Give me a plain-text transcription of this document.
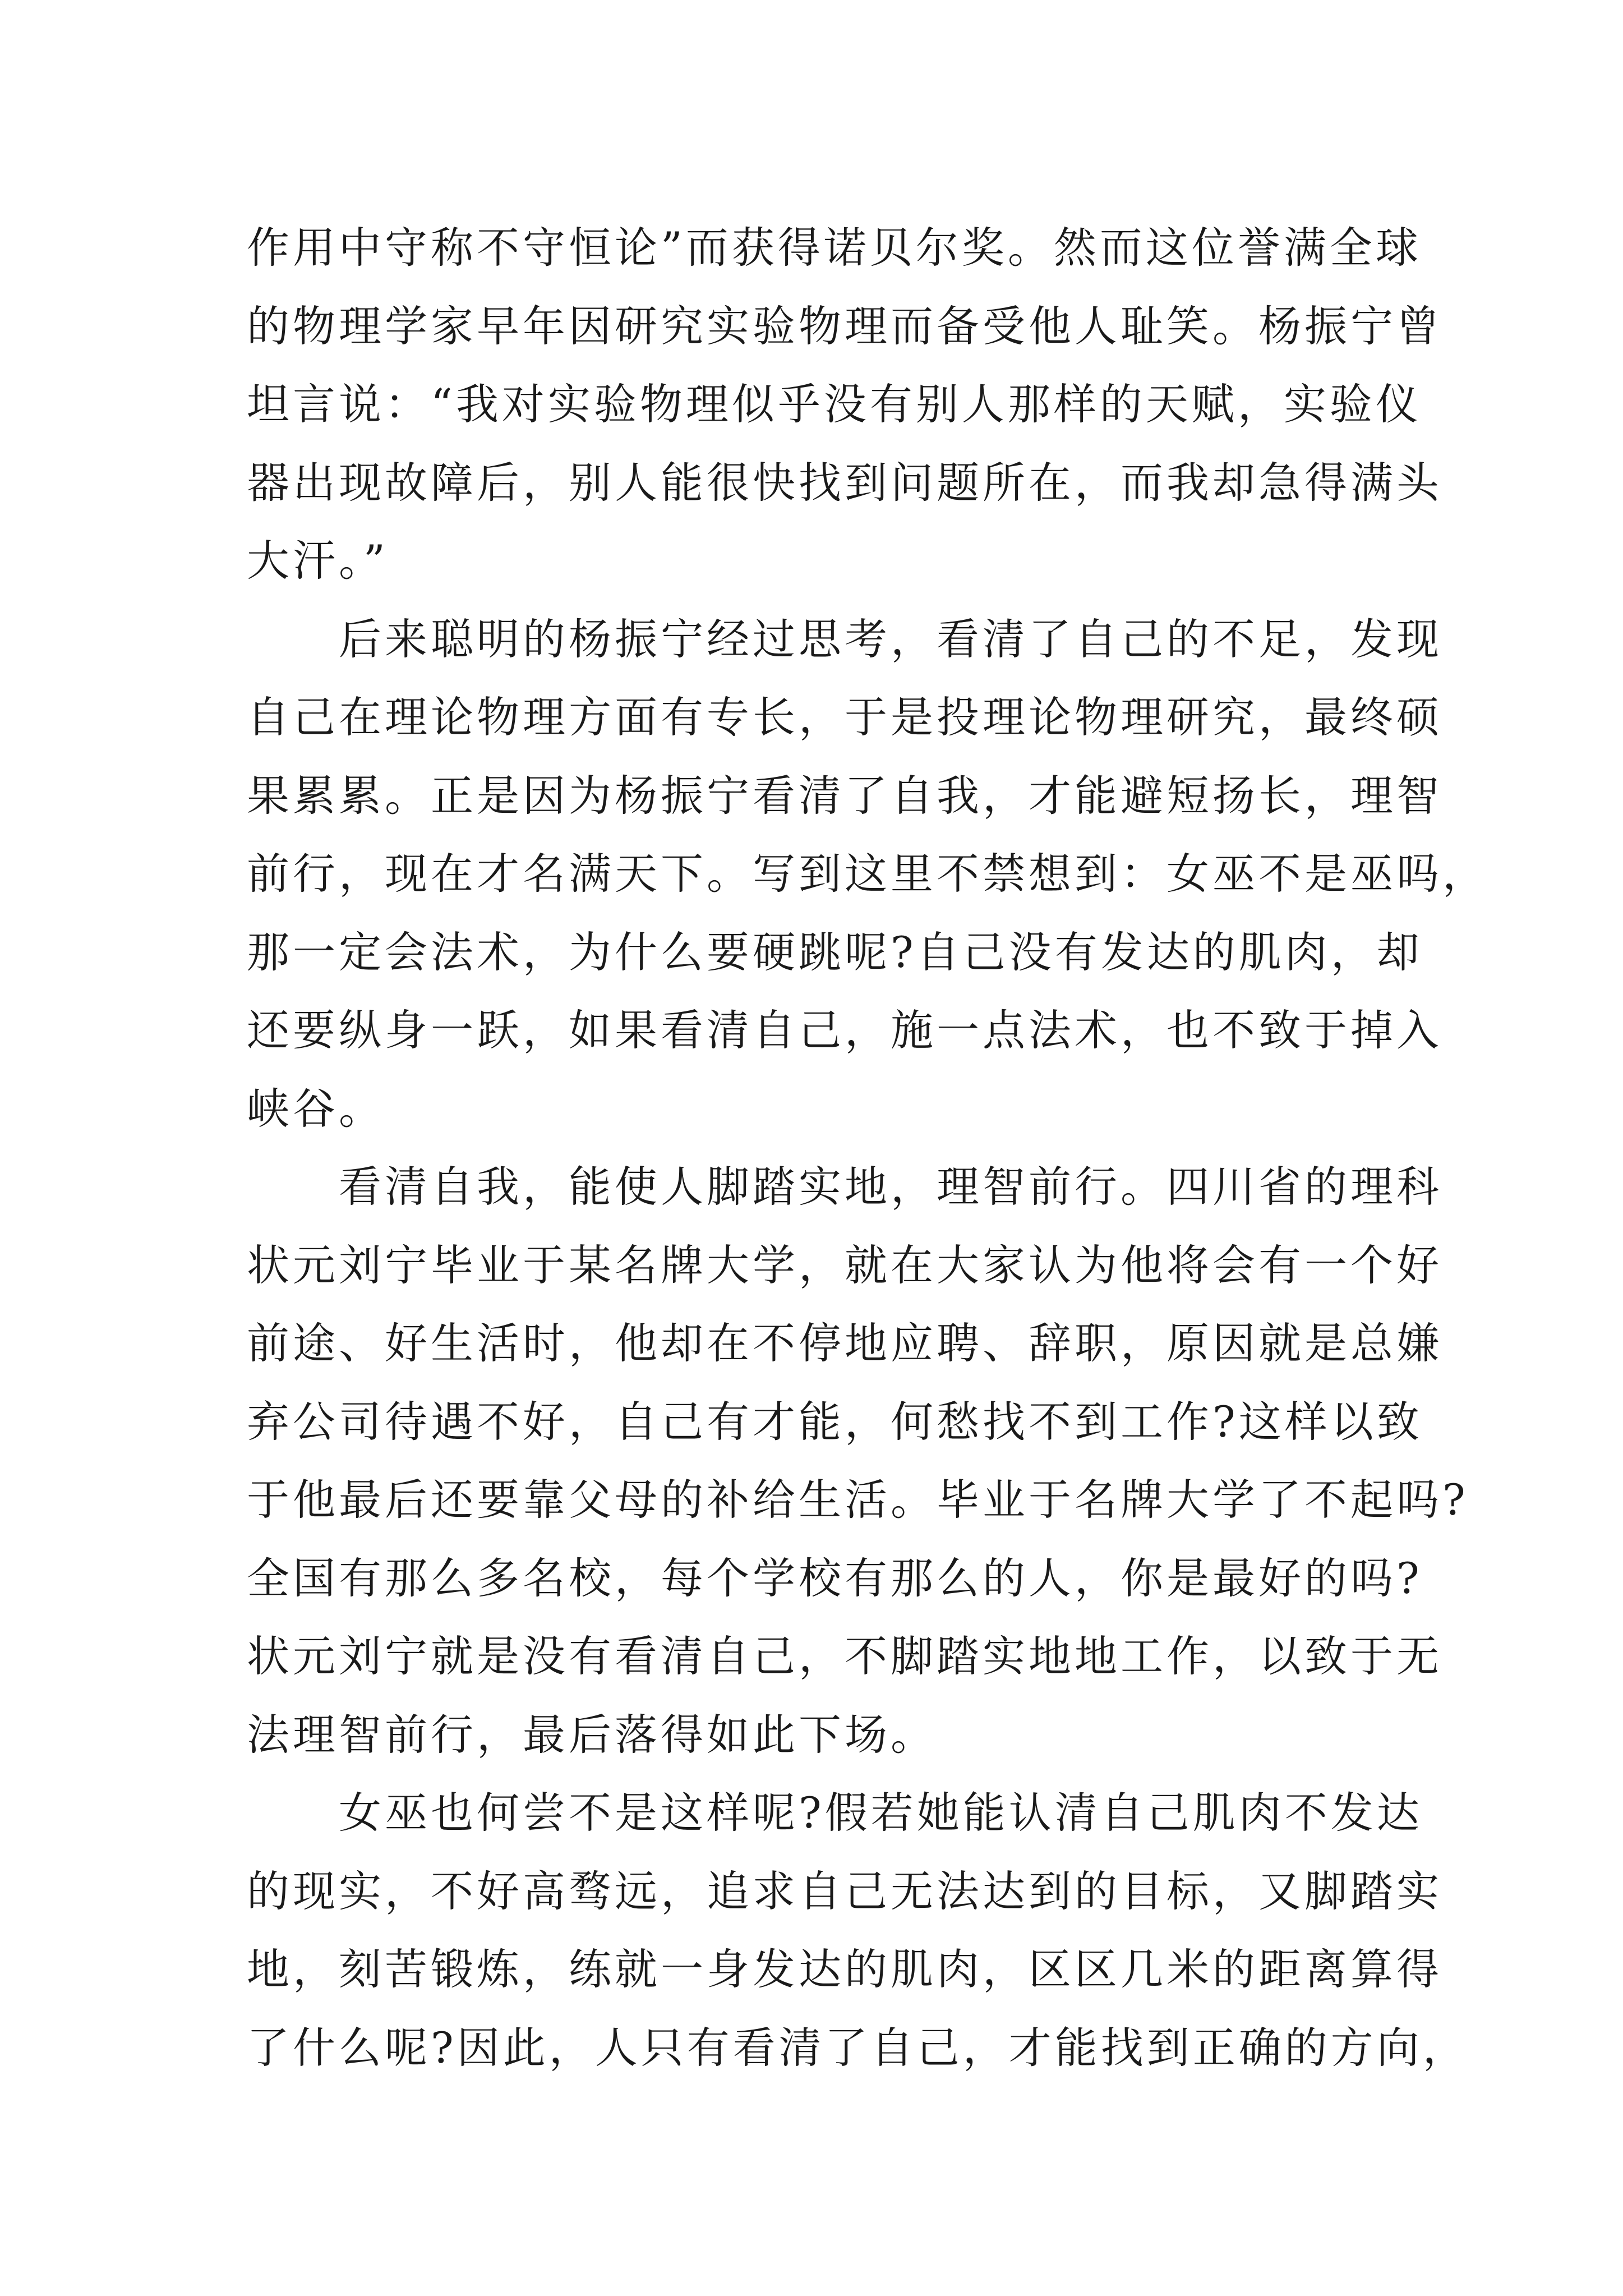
作用中守称不守恒论”而获得诺贝尔奖。然而这位誉满全球
的物理学家早年因研究实验物理而备受他人耻笑。杨振宁曾
坦言说：“我对实验物理似乎没有别人那样的天赋，实验仪
器出现故障后，别人能很快找到问题所在，而我却急得满头
大汗。”

后来聪明的杨振宁经过思考，看清了自己的不足，发现
自己在理论物理方面有专长，于是投理论物理研究，最终硕
果累累。正是因为杨振宁看清了自我，才能避短扬长，理智
前行，现在才名满天下。写到这里不禁想到：女巫不是巫吗，
那一定会法术，为什么要硬跳呢?自己没有发达的肌肉，却
还要纵身一跃，如果看清自己，施一点法术，也不致于掉入
峡谷。

看清自我，能使人脚踏实地，理智前行。四川省的理科
状元刘宁毕业于某名牌大学，就在大家认为他将会有一个好
前途、好生活时，他却在不停地应聘、辞职，原因就是总嫌
弃公司待遇不好，自己有才能，何愁找不到工作?这样以致
于他最后还要靠父母的补给生活。毕业于名牌大学了不起吗?
全国有那么多名校，每个学校有那么的人，你是最好的吗?
状元刘宁就是没有看清自己，不脚踏实地地工作，以致于无
法理智前行，最后落得如此下场。

女巫也何尝不是这样呢?假若她能认清自己肌肉不发达
的现实，不好高骛远，追求自己无法达到的目标，又脚踏实
地，刻苦锻炼，练就一身发达的肌肉，区区几米的距离算得
了什么呢?因此，人只有看清了自己，才能找到正确的方向，
